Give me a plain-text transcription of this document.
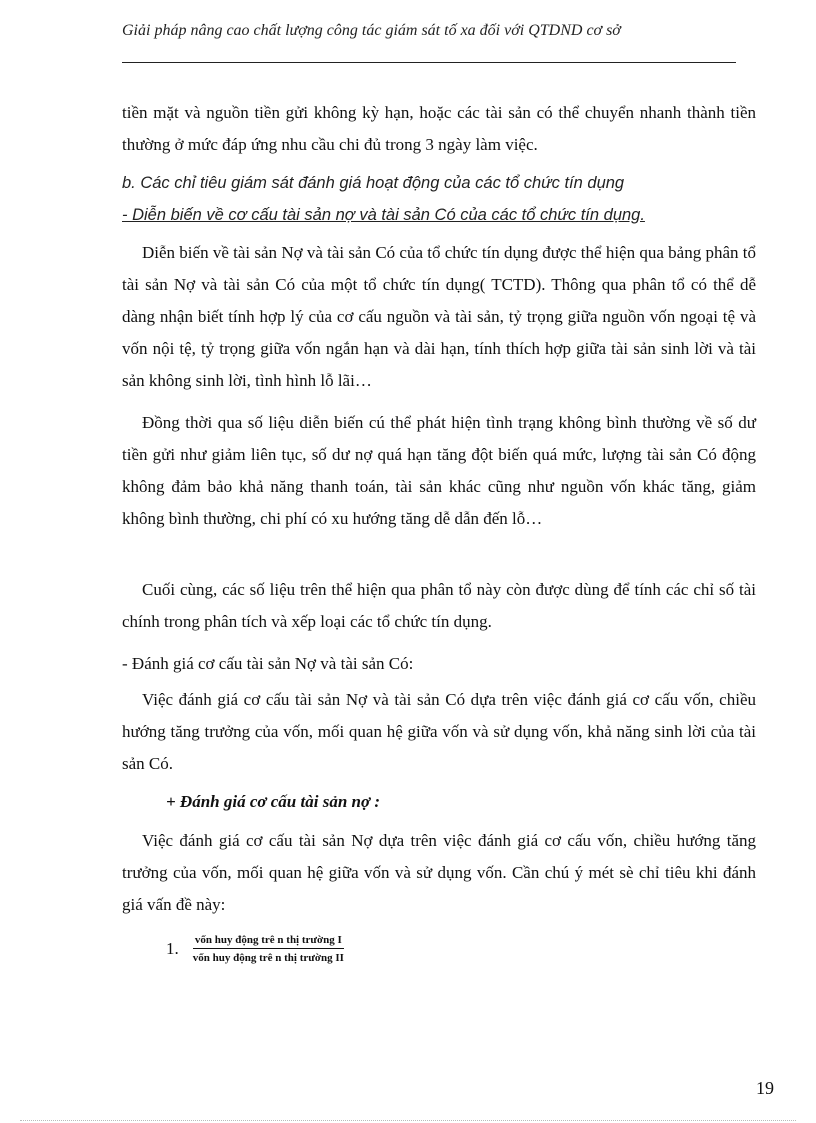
Giải pháp nâng cao chất lượng công tác giám sát tố xa đối với QTDND cơ sở

tiền mặt và nguồn tiền gửi không kỳ hạn, hoặc các tài sản có thể chuyển nhanh thành tiền thường ở mức đáp ứng nhu cầu chi đủ trong 3 ngày làm việc.

b. Các chỉ tiêu giám sát đánh giá hoạt động của các tổ chức tín dụng

- Diễn biến về cơ cấu tài sản nợ và tài sản Có của các tổ chức tín dụng.

Diễn biến về tài sản Nợ và tài sản Có của tổ chức tín dụng được thể hiện qua bảng phân tổ tài sản Nợ và tài sản Có của một tổ chức tín dụng( TCTD). Thông qua phân tổ có thể dễ dàng nhận biết tính hợp lý của cơ cấu nguồn và tài sản, tỷ trọng giữa nguồn vốn ngoại tệ và vốn nội tệ, tỷ trọng giữa vốn ngắn hạn và dài hạn, tính thích hợp giữa tài sản sinh lời và tài sản không sinh lời, tình hình lỗ lãi…

Đồng thời qua số liệu diễn biến cú thể phát hiện tình trạng không bình thường về số dư tiền gửi như giảm liên tục, số dư nợ quá hạn tăng đột biến quá mức, lượng tài sản Có động không đảm bảo khả năng thanh toán, tài sản khác cũng như nguồn vốn khác tăng, giảm không bình thường, chi phí có xu hướng tăng dễ dẫn đến lỗ…

Cuối cùng, các số liệu trên thể hiện qua phân tổ này còn được dùng để tính các chỉ số tài chính trong phân tích và xếp loại các tổ chức tín dụng.

- Đánh giá cơ cấu tài sản Nợ và tài sản Có:

Việc đánh giá cơ cấu tài sản Nợ và tài sản Có dựa trên việc đánh giá cơ cấu vốn, chiều hướng tăng trưởng của vốn, mối quan hệ giữa vốn và sử dụng vốn, khả năng sinh lời của tài sản Có.

+ Đánh giá cơ cấu tài sản nợ :

Việc đánh giá cơ cấu tài sản Nợ dựa trên việc đánh giá cơ cấu vốn, chiều hướng tăng trưởng của vốn, mối quan hệ giữa vốn và sử dụng vốn. Cần chú ý mét sè chỉ tiêu khi đánh giá vấn đề này:

1. $\frac{\text{vốn huy động trê n thị trường I}}{\text{vốn huy động trê n thị trường II}}$
19
